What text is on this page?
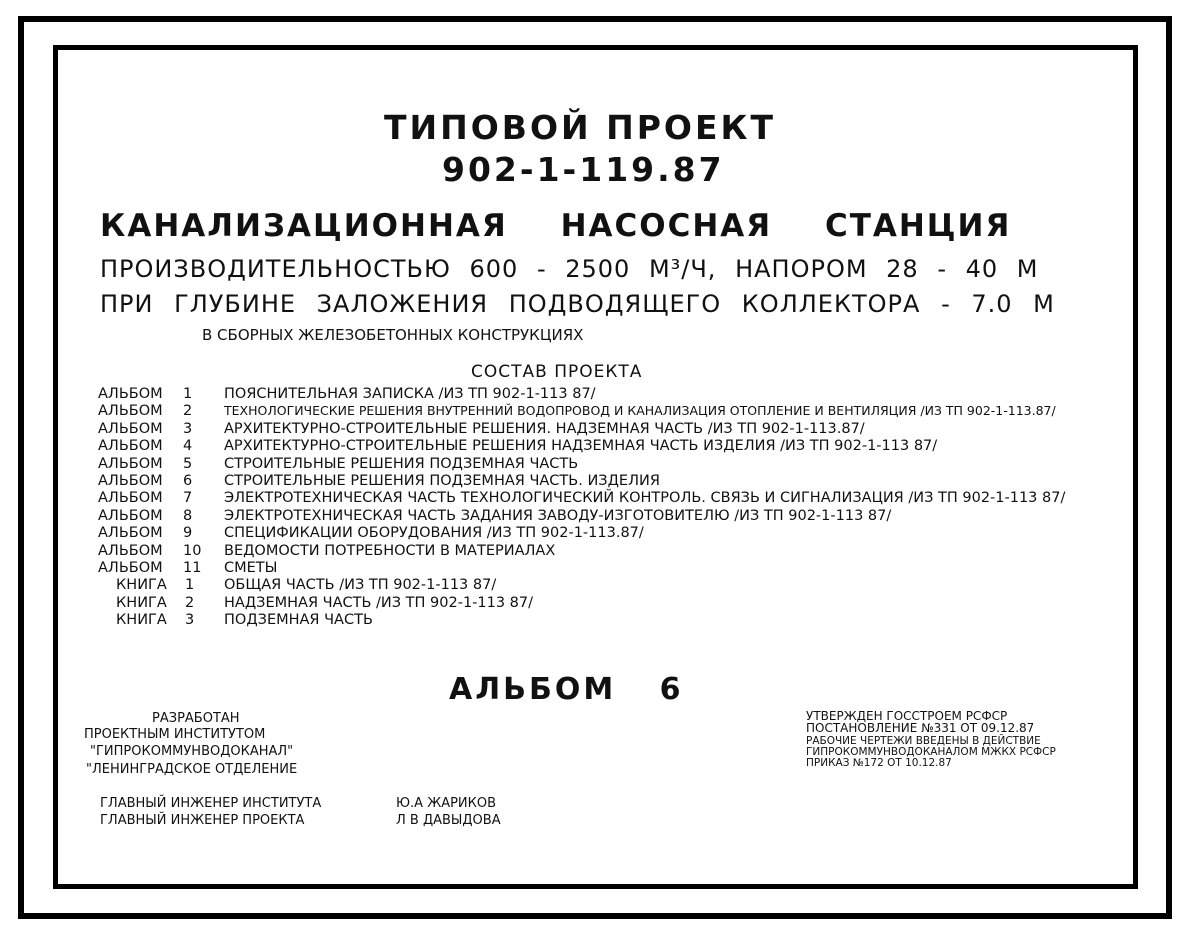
ТИПОВОЙ ПРОЕКТ
902-1-119.87
КАНАЛИЗАЦИОННАЯ НАСОСНАЯ СТАНЦИЯ
ПРОИЗВОДИТЕЛЬНОСТЬЮ 600 - 2500 М³/Ч, НАПОРОМ 28 - 40 М
ПРИ ГЛУБИНЕ ЗАЛОЖЕНИЯ ПОДВОДЯЩЕГО КОЛЛЕКТОРА - 7.0 М
В СБОРНЫХ ЖЕЛЕЗОБЕТОННЫХ КОНСТРУКЦИЯХ
СОСТАВ ПРОЕКТА
АЛЬБОМ	1	ПОЯСНИТЕЛЬНАЯ ЗАПИСКА /ИЗ ТП 902-1-113 87/
АЛЬБОМ	2	ТЕХНОЛОГИЧЕСКИЕ РЕШЕНИЯ ВНУТРЕННИЙ ВОДОПРОВОД И КАНАЛИЗАЦИЯ ОТОПЛЕНИЕ И ВЕНТИЛЯЦИЯ /ИЗ ТП 902-1-113.87/
АЛЬБОМ	3	АРХИТЕКТУРНО-СТРОИТЕЛЬНЫЕ РЕШЕНИЯ. НАДЗЕМНАЯ ЧАСТЬ /ИЗ ТП 902-1-113.87/
АЛЬБОМ	4	АРХИТЕКТУРНО-СТРОИТЕЛЬНЫЕ РЕШЕНИЯ НАДЗЕМНАЯ ЧАСТЬ ИЗДЕЛИЯ /ИЗ ТП 902-1-113 87/
АЛЬБОМ	5	СТРОИТЕЛЬНЫЕ РЕШЕНИЯ ПОДЗЕМНАЯ ЧАСТЬ
АЛЬБОМ	6	СТРОИТЕЛЬНЫЕ РЕШЕНИЯ ПОДЗЕМНАЯ ЧАСТЬ. ИЗДЕЛИЯ
АЛЬБОМ	7	ЭЛЕКТРОТЕХНИЧЕСКАЯ ЧАСТЬ ТЕХНОЛОГИЧЕСКИЙ КОНТРОЛЬ. СВЯЗЬ И СИГНАЛИЗАЦИЯ /ИЗ ТП 902-1-113 87/
АЛЬБОМ	8	ЭЛЕКТРОТЕХНИЧЕСКАЯ ЧАСТЬ ЗАДАНИЯ ЗАВОДУ-ИЗГОТОВИТЕЛЮ /ИЗ ТП 902-1-113 87/
АЛЬБОМ	9	СПЕЦИФИКАЦИИ ОБОРУДОВАНИЯ /ИЗ ТП 902-1-113.87/
АЛЬБОМ	10 ВЕДОМОСТИ ПОТРЕБНОСТИ В МАТЕРИАЛАХ
АЛЬБОМ	11 СМЕТЫ
КНИГА	1	ОБЩАЯ ЧАСТЬ /ИЗ ТП 902-1-113 87/
КНИГА	2	НАДЗЕМНАЯ ЧАСТЬ /ИЗ ТП 902-1-113 87/
КНИГА	3	ПОДЗЕМНАЯ ЧАСТЬ
АЛЬБОМ 6
РАЗРАБОТАН
ПРОЕКТНЫМ ИНСТИТУТОМ
"ГИПРОКОММУНВОДОКАНАЛ"
"ЛЕНИНГРАДСКОЕ ОТДЕЛЕНИЕ
УТВЕРЖДЕН ГОССТРОЕМ РСФСР
ПОСТАНОВЛЕНИЕ №331 ОТ 09.12.87
РАБОЧИЕ ЧЕРТЕЖИ ВВЕДЕНЫ В ДЕЙСТВИЕ
ГИПРОКОММУНВОДОКАНАЛОМ МЖКХ РСФСР
ПРИКАЗ №172 ОТ 10.12.87
ГЛАВНЫЙ ИНЖЕНЕР ИНСТИТУТА	Ю.А ЖАРИКОВ
ГЛАВНЫЙ ИНЖЕНЕР ПРОЕКТА	Л В ДАВЫДОВА
